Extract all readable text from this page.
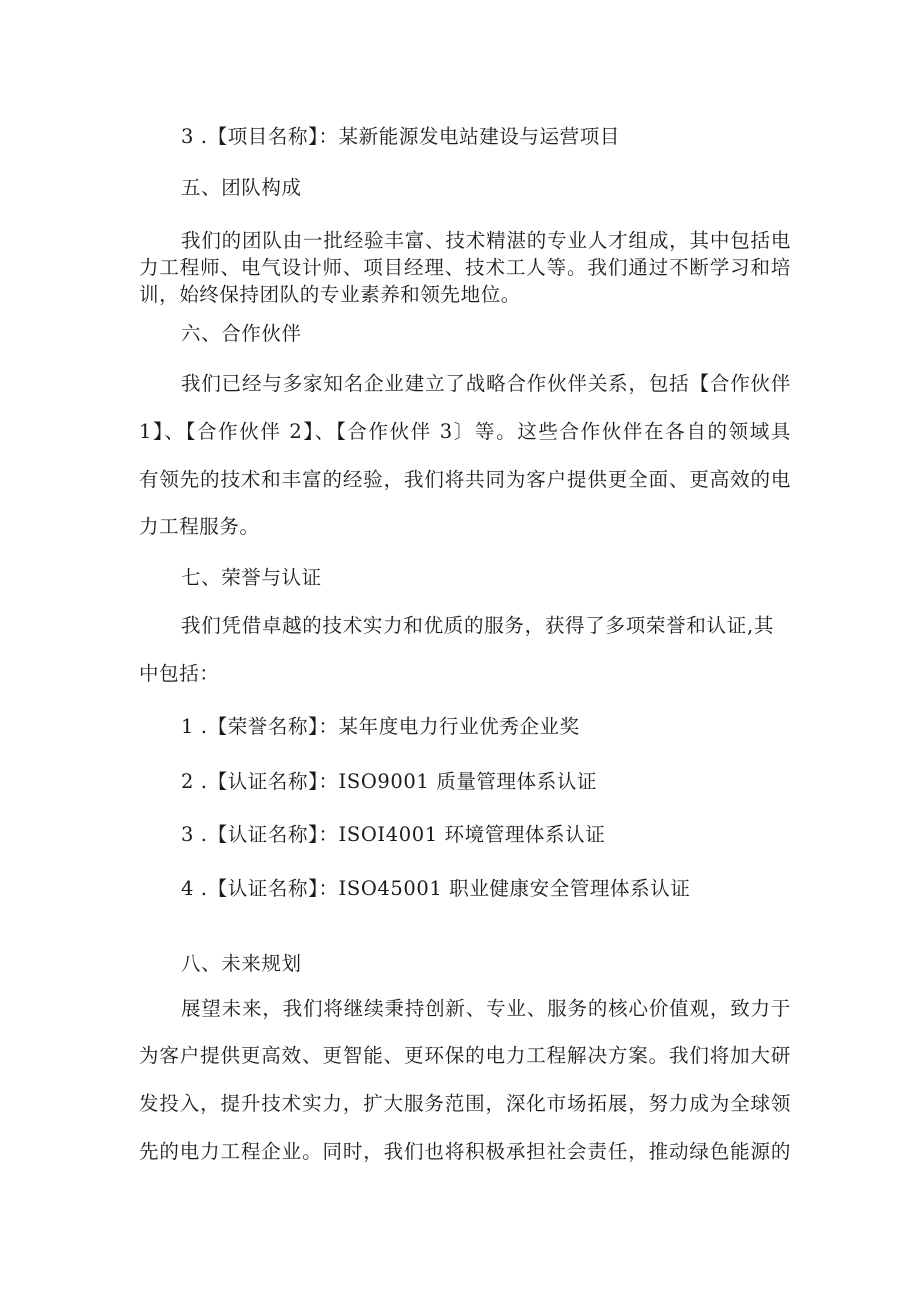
3 .【项目名称】：某新能源发电站建设与运营项目
五、团队构成
我们的团队由一批经验丰富、技术精湛的专业人才组成，其中包括电
力工程师、电气设计师、项目经理、技术工人等。我们通过不断学习和培
训，始终保持团队的专业素养和领先地位。
六、合作伙伴
我们已经与多家知名企业建立了战略合作伙伴关系，包括【合作伙伴
1】、【合作伙伴 2】、【合作伙伴 3〕等。这些合作伙伴在各自的领域具
有领先的技术和丰富的经验，我们将共同为客户提供更全面、更高效的电
力工程服务。
七、荣誉与认证
我们凭借卓越的技术实力和优质的服务，获得了多项荣誉和认证,其
中包括：
1 .【荣誉名称】：某年度电力行业优秀企业奖
2 .【认证名称】：ISO9001 质量管理体系认证
3 .【认证名称】：ISOI4001 环境管理体系认证
4 .【认证名称】：ISO45001 职业健康安全管理体系认证
八、未来规划
展望未来，我们将继续秉持创新、专业、服务的核心价值观，致力于
为客户提供更高效、更智能、更环保的电力工程解决方案。我们将加大研
发投入，提升技术实力，扩大服务范围，深化市场拓展，努力成为全球领
先的电力工程企业。同时，我们也将积极承担社会责任，推动绿色能源的
